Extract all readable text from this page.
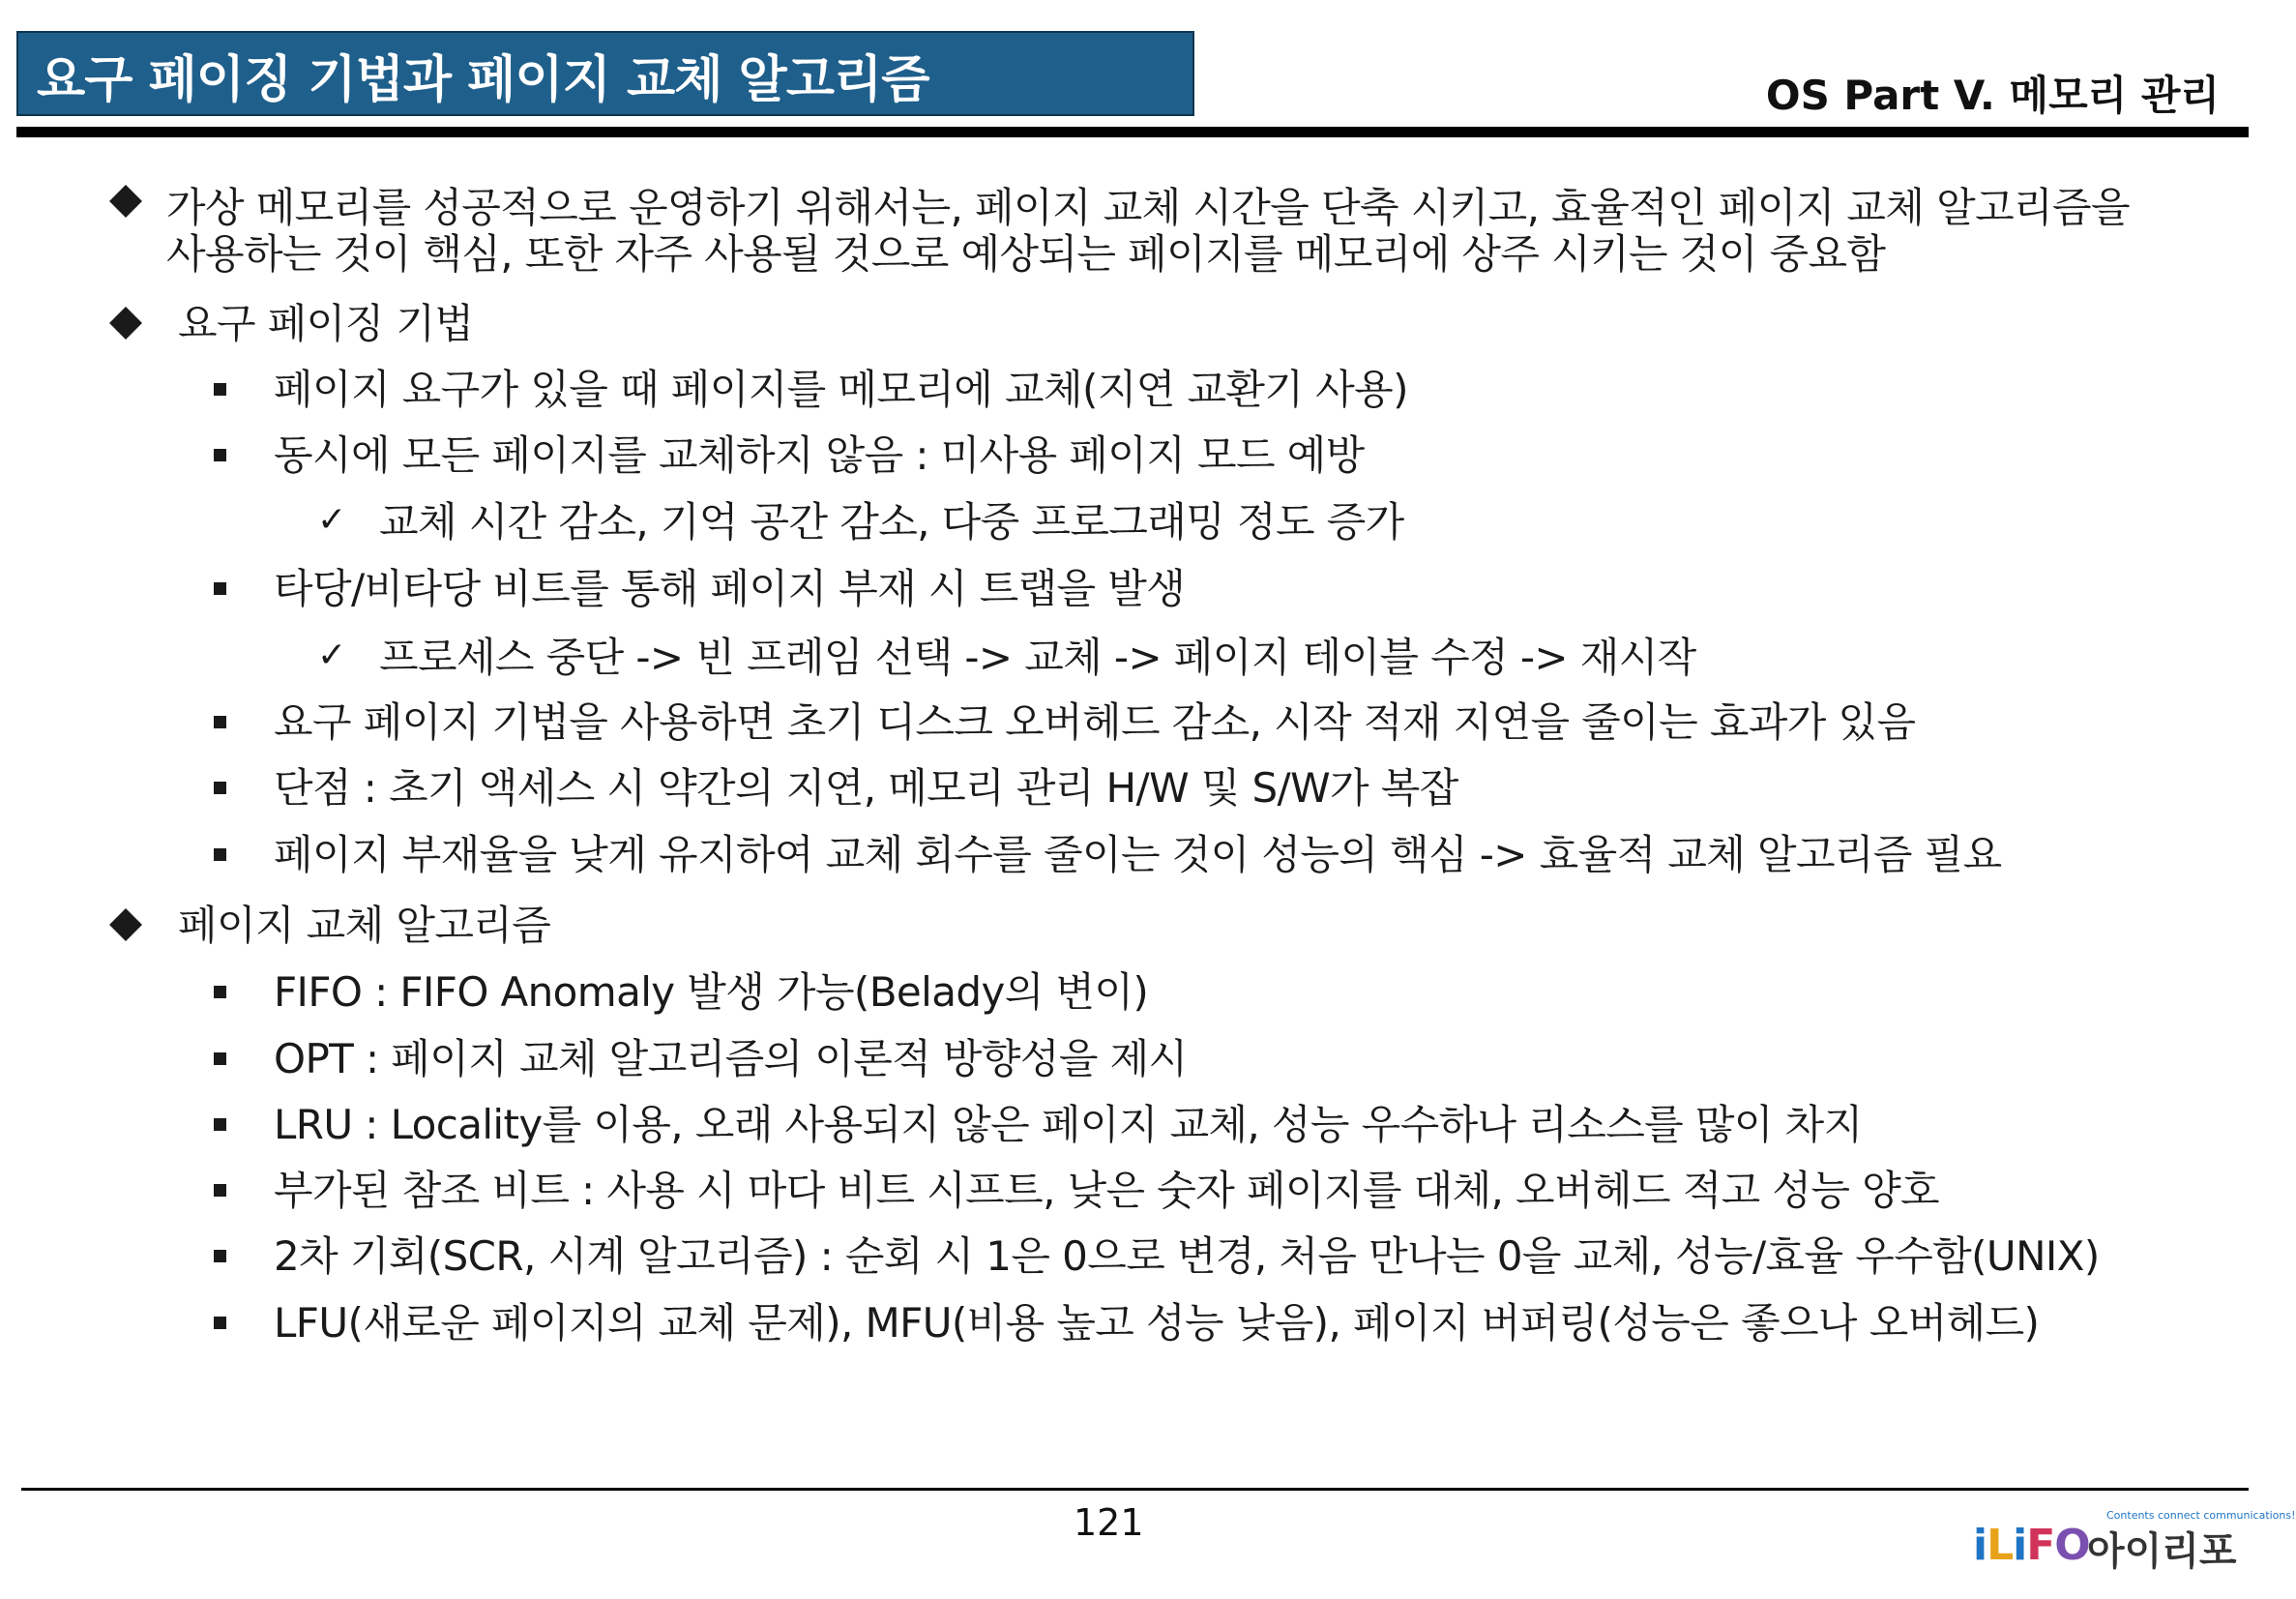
요구 페이징 기법과 페이지 교체 알고리즘	OS Part V. 메모리 관리
가상 메모리를 성공적으로 운영하기 위해서는, 페이지 교체 시간을 단축 시키고, 효율적인 페이지 교체 알고리즘을
사용하는 것이 핵심, 또한 자주 사용될 것으로 예상되는 페이지를 메모리에 상주 시키는 것이 중요함
요구 페이징 기법
페이지 요구가 있을 때 페이지를 메모리에 교체(지연 교환기 사용)
동시에 모든 페이지를 교체하지 않음 : 미사용 페이지 모드 예방
✓ 교체 시간 감소, 기억 공간 감소, 다중 프로그래밍 정도 증가
타당/비타당 비트를 통해 페이지 부재 시 트랩을 발생
✓ 프로세스 중단 -> 빈 프레임 선택 -> 교체 -> 페이지 테이블 수정 -> 재시작
요구 페이지 기법을 사용하면 초기 디스크 오버헤드 감소, 시작 적재 지연을 줄이는 효과가 있음
단점 : 초기 액세스 시 약간의 지연, 메모리 관리 H/W 및 S/W가 복잡
페이지 부재율을 낮게 유지하여 교체 회수를 줄이는 것이 성능의 핵심 -> 효율적 교체 알고리즘 필요
페이지 교체 알고리즘
FIFO : FIFO Anomaly 발생 가능(Belady의 변이)
OPT : 페이지 교체 알고리즘의 이론적 방향성을 제시
LRU : Locality를 이용, 오래 사용되지 않은 페이지 교체, 성능 우수하나 리소스를 많이 차지
부가된 참조 비트 : 사용 시 마다 비트 시프트, 낮은 숫자 페이지를 대체, 오버헤드 적고 성능 양호
2차 기회(SCR, 시계 알고리즘) : 순회 시 1은 0으로 변경, 처음 만나는 0을 교체, 성능/효율 우수함(UNIX)
LFU(새로운 페이지의 교체 문제), MFU(비용 높고 성능 낮음), 페이지 버퍼링(성능은 좋으나 오버헤드)
121	Contents connect communications!
iLiFO
아이리포
